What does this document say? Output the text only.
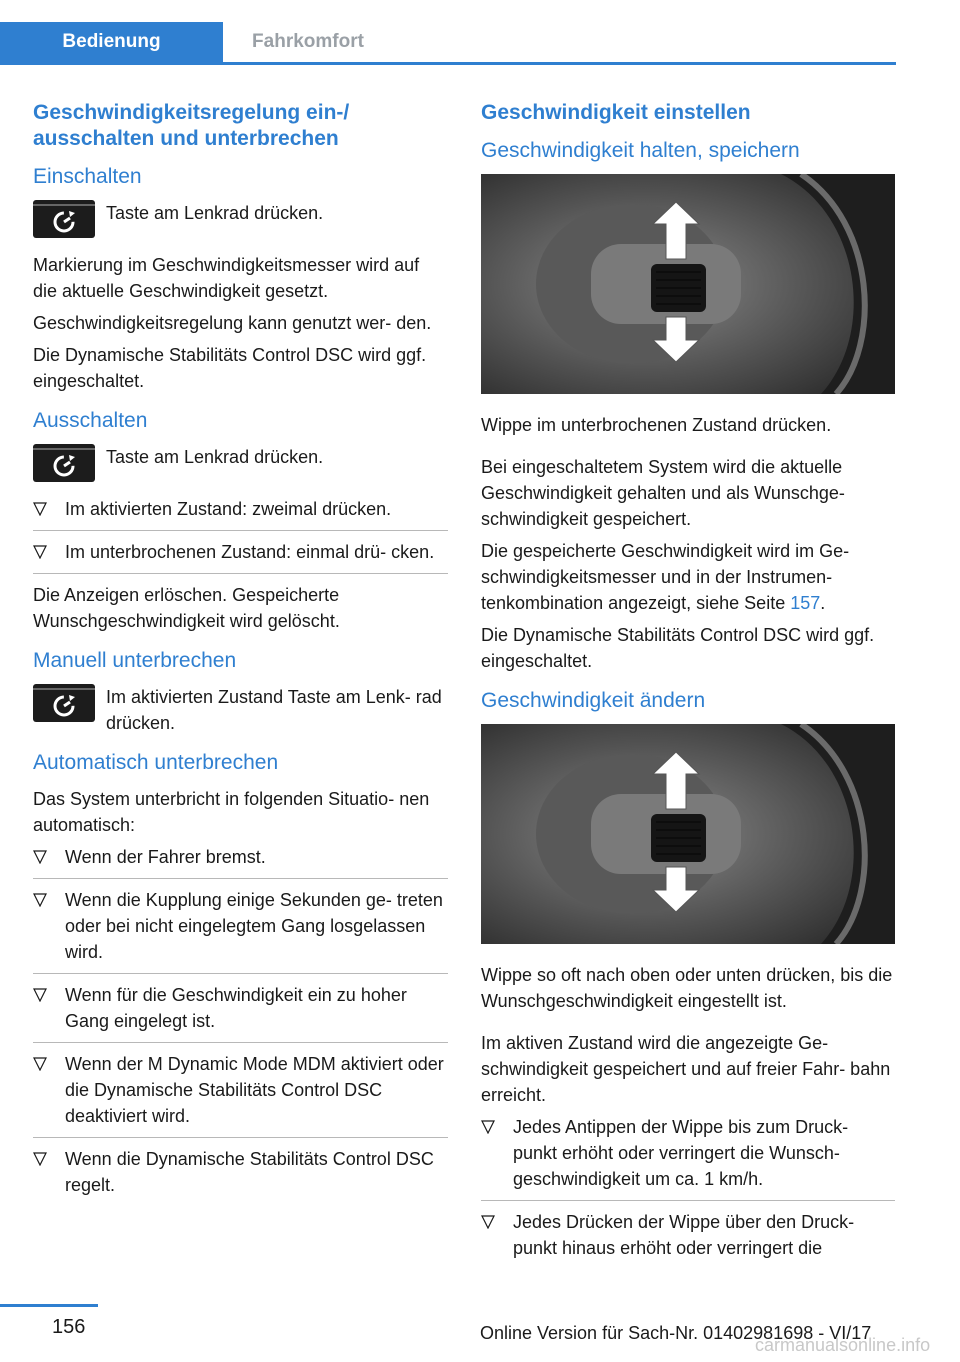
Bedienung	Fahrkomfort
Geschwindigkeitsregelung ein‑/ ausschalten und unterbrechen
Einschalten
Taste am Lenkrad drücken.
Markierung im Geschwindigkeitsmesser wird auf die aktuelle Geschwindigkeit gesetzt.
Geschwindigkeitsregelung kann genutzt wer‑ den.
Die Dynamische Stabilitäts Control DSC wird ggf. eingeschaltet.
Ausschalten
Taste am Lenkrad drücken.
Im aktivierten Zustand: zweimal drücken.
Im unterbrochenen Zustand: einmal drü‑ cken.
Die Anzeigen erlöschen. Gespeicherte Wunschgeschwindigkeit wird gelöscht.
Manuell unterbrechen
Im aktivierten Zustand Taste am Lenk‑ rad drücken.
Automatisch unterbrechen
Das System unterbricht in folgenden Situatio‑ nen automatisch:
Wenn der Fahrer bremst.
Wenn die Kupplung einige Sekunden ge‑ treten oder bei nicht eingelegtem Gang losgelassen wird.
Wenn für die Geschwindigkeit ein zu hoher Gang eingelegt ist.
Wenn der M Dynamic Mode MDM aktiviert oder die Dynamische Stabilitäts Control DSC deaktiviert wird.
Wenn die Dynamische Stabilitäts Control DSC regelt.
Geschwindigkeit einstellen
Geschwindigkeit halten, speichern
Wippe im unterbrochenen Zustand drücken.
Bei eingeschaltetem System wird die aktuelle Geschwindigkeit gehalten und als Wunschge‑ schwindigkeit gespeichert.
Die gespeicherte Geschwindigkeit wird im Ge‑ schwindigkeitsmesser und in der Instrumen‑ tenkombination angezeigt, siehe Seite 157.
Die Dynamische Stabilitäts Control DSC wird ggf. eingeschaltet.
Geschwindigkeit ändern
Wippe so oft nach oben oder unten drücken, bis die Wunschgeschwindigkeit eingestellt ist.
Im aktiven Zustand wird die angezeigte Ge‑ schwindigkeit gespeichert und auf freier Fahr‑ bahn erreicht.
Jedes Antippen der Wippe bis zum Druck‑ punkt erhöht oder verringert die Wunsch‑ geschwindigkeit um ca. 1 km/h.
Jedes Drücken der Wippe über den Druck‑ punkt hinaus erhöht oder verringert die
156	Online Version für Sach-Nr. 01402981698 - VI/17
carmanualsonline.info
